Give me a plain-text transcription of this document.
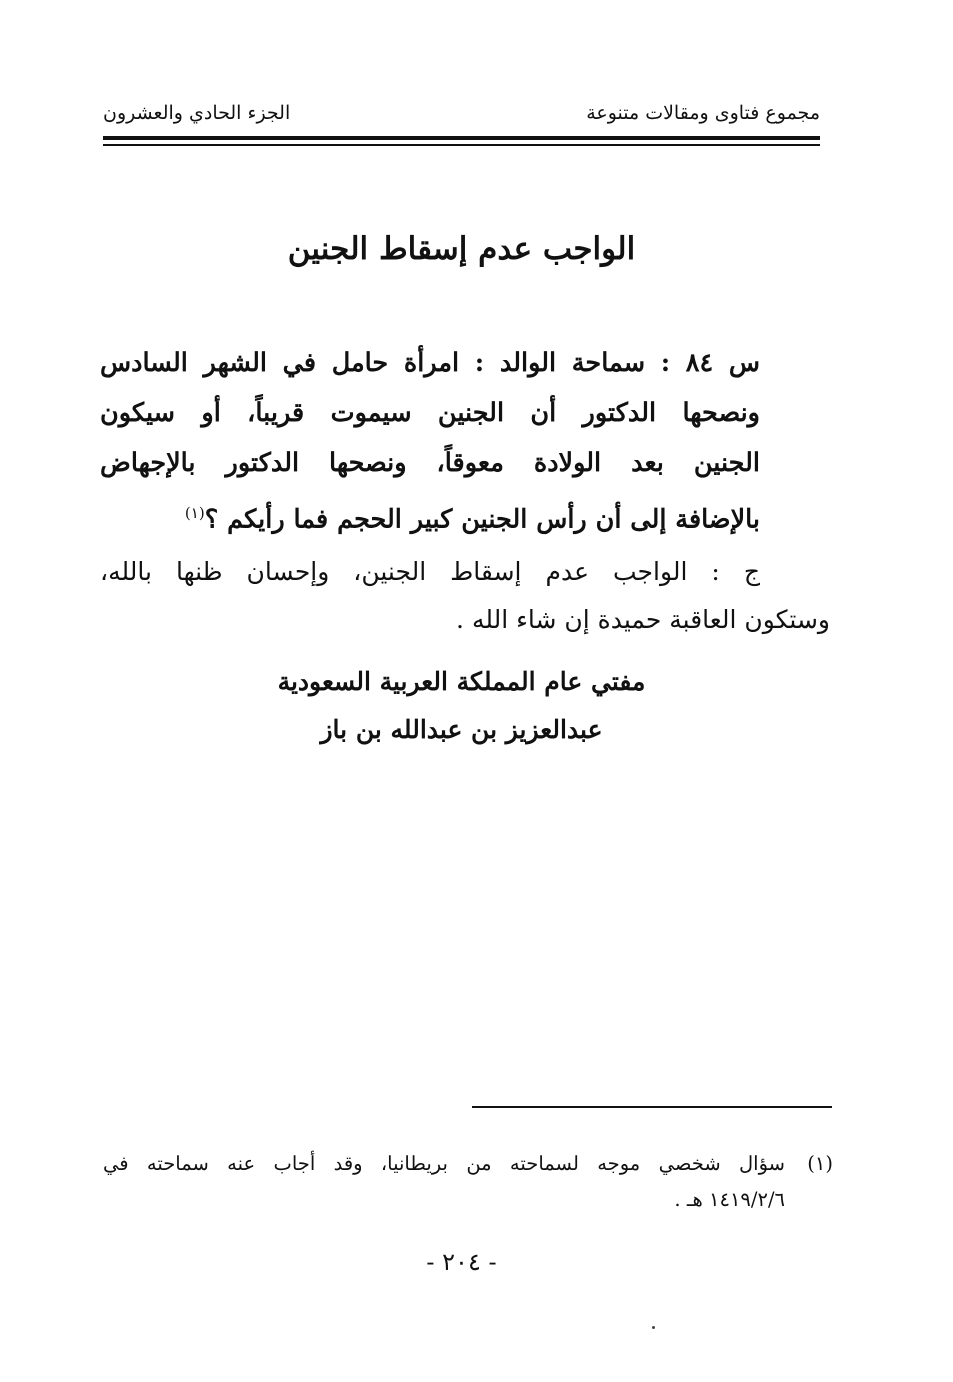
مجموع فتاوى ومقالات متنوعة
الجزء الحادي والعشرون
الواجب عدم إسقاط الجنين
س ٨٤ : سماحة الوالد : امرأة حامل في الشهر السادس
ونصحها الدكتور أن الجنين سيموت قريباً، أو سيكون
الجنين بعد الولادة معوقاً، ونصحها الدكتور بالإجهاض
بالإضافة إلى أن رأس الجنين كبير الحجم فما رأيكم ؟$^{(١)}$
ج : الواجب عدم إسقاط الجنين، وإحسان ظنها بالله،
وستكون العاقبة حميدة إن شاء الله .
مفتي عام المملكة العربية السعودية
عبدالعزيز بن عبدالله بن باز
(١)سؤال شخصي موجه لسماحته من بريطانيا، وقد أجاب عنه سماحته في
١٤١٩/٢/٦ هـ .
- ٢٠٤ -
